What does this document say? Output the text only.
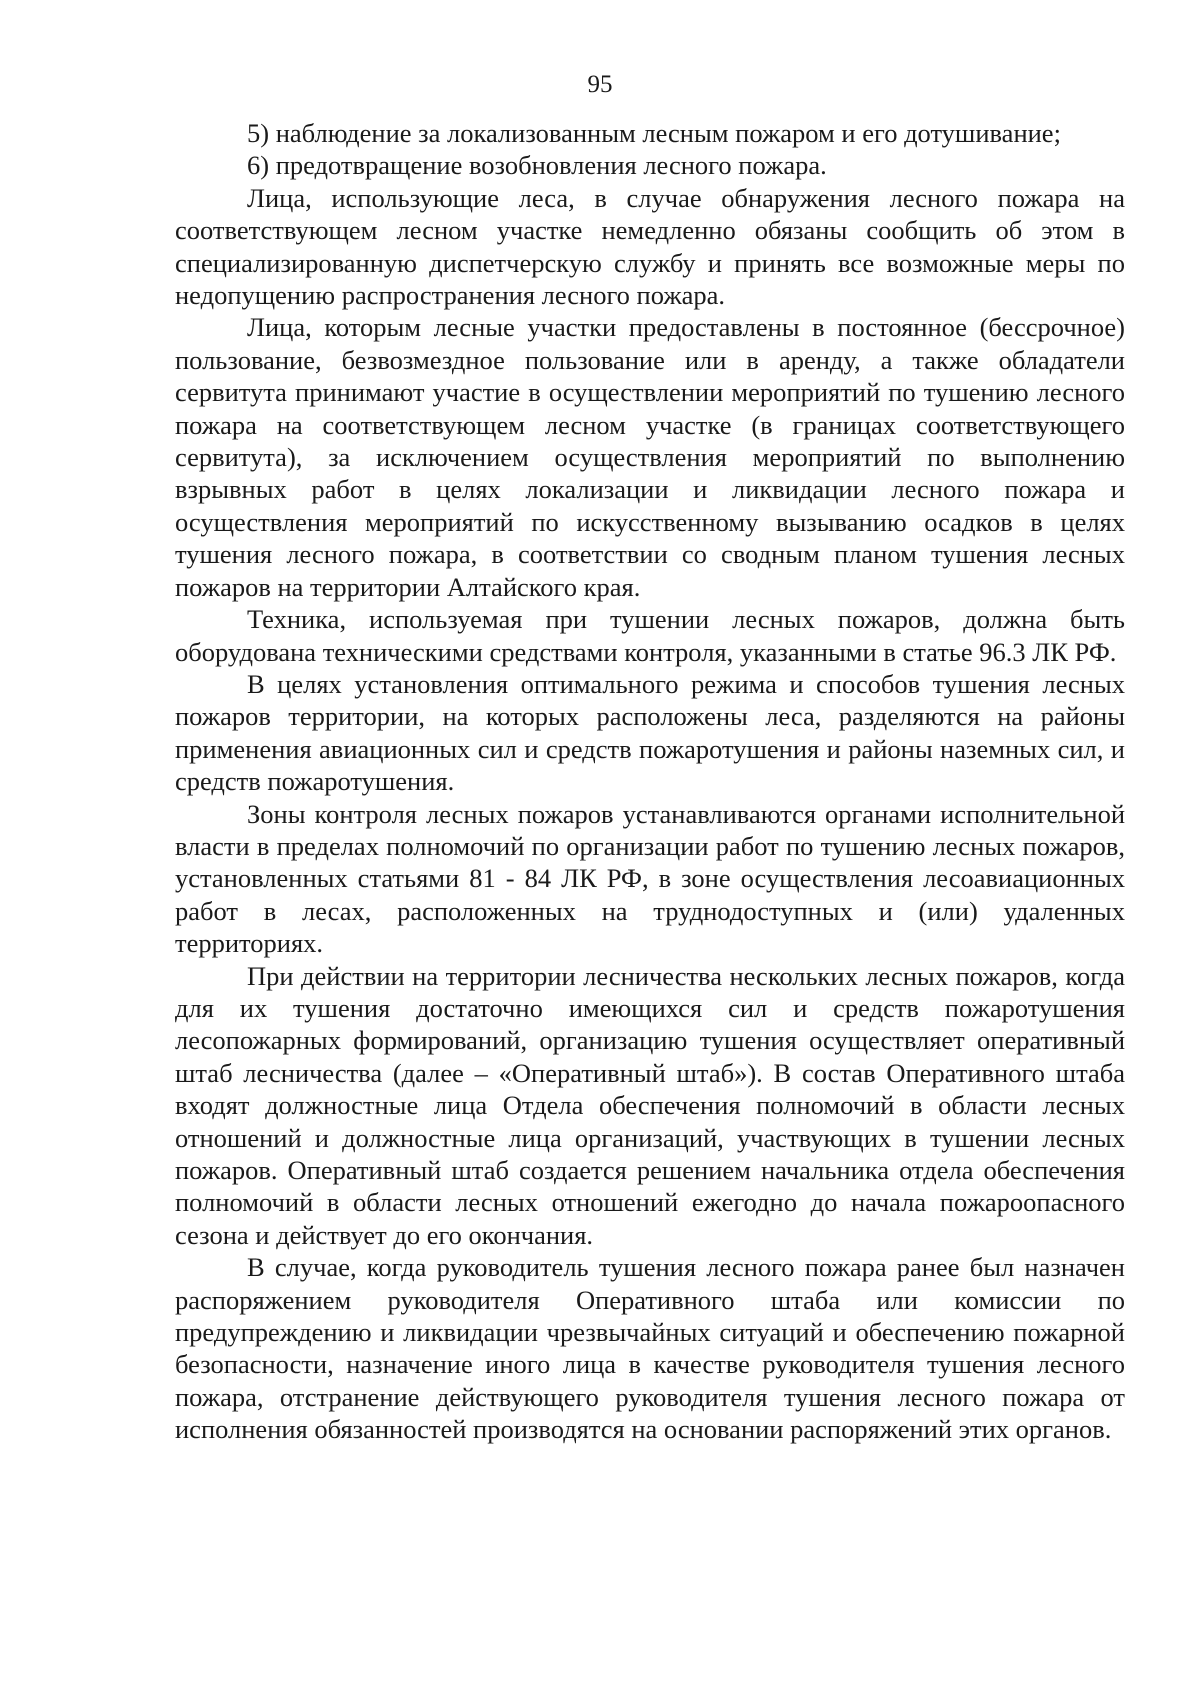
95

5) наблюдение за локализованным лесным пожаром и его дотушивание;

6) предотвращение возобновления лесного пожара.

Лица, использующие леса, в случае обнаружения лесного пожара на соответствующем лесном участке немедленно обязаны сообщить об этом в специализированную диспетчерскую службу и принять все возможные меры по недопущению распространения лесного пожара.

Лица, которым лесные участки предоставлены в постоянное (бессрочное) пользование, безвозмездное пользование или в аренду, а также обладатели сервитута принимают участие в осуществлении мероприятий по тушению лесного пожара на соответствующем лесном участке (в границах соответствующего сервитута), за исключением осуществления мероприятий по выполнению взрывных работ в целях локализации и ликвидации лесного пожара и осуществления мероприятий по искусственному вызыванию осадков в целях тушения лесного пожара, в соответствии со сводным планом тушения лесных пожаров на территории Алтайского края.

Техника, используемая при тушении лесных пожаров, должна быть оборудована техническими средствами контроля, указанными в статье 96.3 ЛК РФ.

В целях установления оптимального режима и способов тушения лесных пожаров территории, на которых расположены леса, разделяются на районы применения авиационных сил и средств пожаротушения и районы наземных сил, и средств пожаротушения.

Зоны контроля лесных пожаров устанавливаются органами исполнительной власти в пределах полномочий по организации работ по тушению лесных пожаров, установленных статьями 81 - 84 ЛК РФ, в зоне осуществления лесоавиационных работ в лесах, расположенных на труднодоступных и (или) удаленных территориях.

При действии на территории лесничества нескольких лесных пожаров, когда для их тушения достаточно имеющихся сил и средств пожаротушения лесопожарных формирований, организацию тушения осуществляет оперативный штаб лесничества (далее – «Оперативный штаб»). В состав Оперативного штаба входят должностные лица Отдела обеспечения полномочий в области лесных отношений и должностные лица организаций, участвующих в тушении лесных пожаров. Оперативный штаб создается решением начальника отдела обеспечения полномочий в области лесных отношений ежегодно до начала пожароопасного сезона и действует до его окончания.

В случае, когда руководитель тушения лесного пожара ранее был назначен распоряжением руководителя Оперативного штаба или комиссии по предупреждению и ликвидации чрезвычайных ситуаций и обеспечению пожарной безопасности, назначение иного лица в качестве руководителя тушения лесного пожара, отстранение действующего руководителя тушения лесного пожара от исполнения обязанностей производятся на основании распоряжений этих органов.
